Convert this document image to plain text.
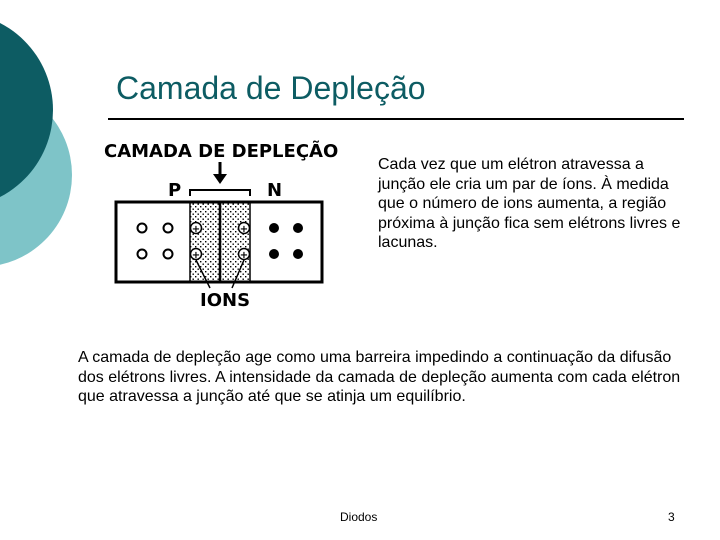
Camada de Depleção
CAMADA DE DEPLEÇÃO
P	N
+
+
+
+
IONS
Cada vez que um elétron atravessa a junção ele cria um par de íons. À medida que o número de ions aumenta, a região próxima à junção fica sem elétrons livres e lacunas.
A camada de depleção age como uma barreira impedindo a continuação da difusão dos elétrons livres. A intensidade da camada de depleção aumenta com cada elétron que atravessa a junção até que se atinja um equilíbrio.
Diodos	3
